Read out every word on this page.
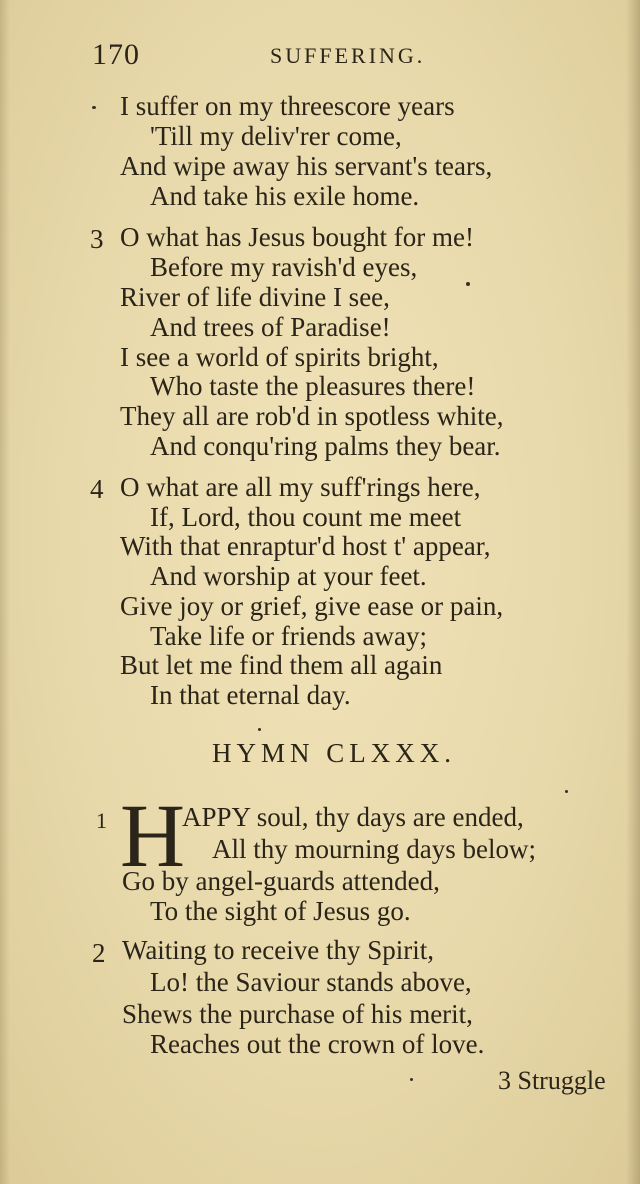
170	SUFFERING.
I suffer on my threescore years
'Till my deliv'rer come,
And wipe away his servant's tears,
And take his exile home.
3 O what has Jesus bought for me!
Before my ravish'd eyes,
River of life divine I see,
And trees of Paradise!
I see a world of spirits bright,
Who taste the pleasures there!
They all are rob'd in spotless white,
And conqu'ring palms they bear.
4 O what are all my suff'rings here,
If, Lord, thou count me meet
With that enraptur'd host t' appear,
And worship at your feet.
Give joy or grief, give ease or pain,
Take life or friends away;
But let me find them all again
In that eternal day.
HYMN CLXXX.
1 H
APPY soul, thy days are ended,
All thy mourning days below;
Go by angel-guards attended,
To the sight of Jesus go.
2 Waiting to receive thy Spirit,
Lo! the Saviour stands above,
Shews the purchase of his merit,
Reaches out the crown of love.
3 Struggle
